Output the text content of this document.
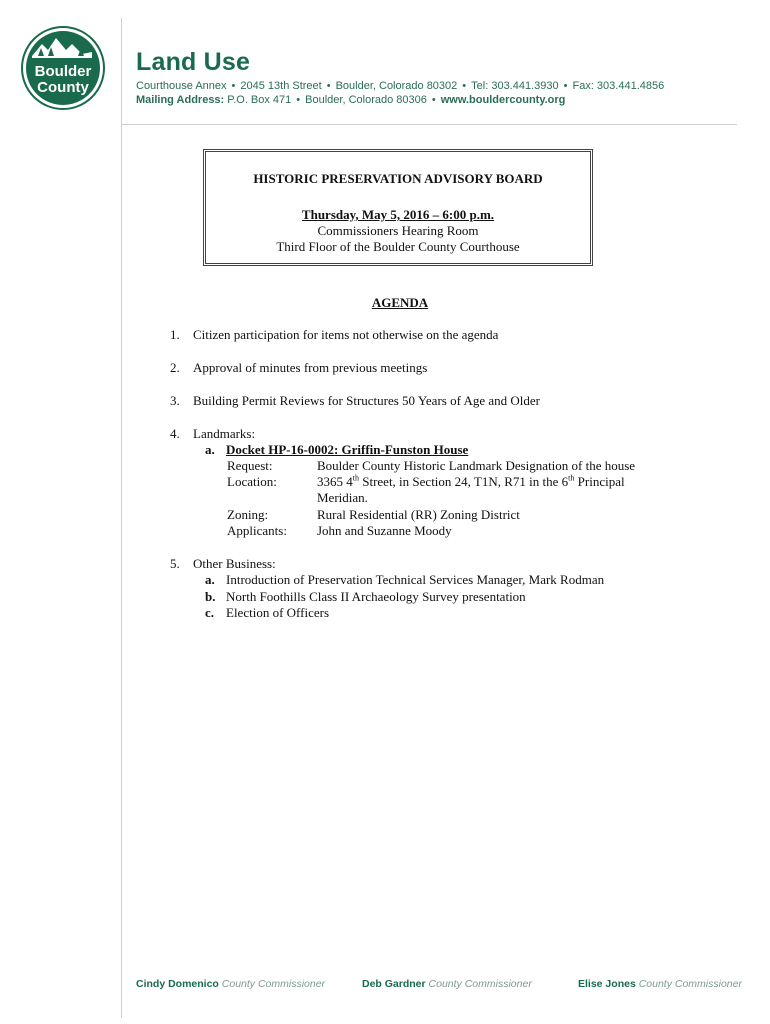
Boulder
County
Land Use
Courthouse Annex • 2045 13th Street • Boulder, Colorado 80302 • Tel: 303.441.3930 • Fax: 303.441.4856
Mailing Address: P.O. Box 471 • Boulder, Colorado 80306 • www.bouldercounty.org
HISTORIC PRESERVATION ADVISORY BOARD
Thursday, May 5, 2016 – 6:00 p.m.
Commissioners Hearing Room
Third Floor of the Boulder County Courthouse
AGENDA
1. Citizen participation for items not otherwise on the agenda
2. Approval of minutes from previous meetings
3. Building Permit Reviews for Structures 50 Years of Age and Older
4. Landmarks:
a. Docket HP-16-0002: Griffin-Funston House
Request:	Boulder County Historic Landmark Designation of the house
Location:	3365 4th Street, in Section 24, T1N, R71 in the 6th Principal
Meridian.
Zoning:	Rural Residential (RR) Zoning District
Applicants: John and Suzanne Moody
5. Other Business:
a. Introduction of Preservation Technical Services Manager, Mark Rodman
b. North Foothills Class II Archaeology Survey presentation
c. Election of Officers
Cindy Domenico County Commissioner	Deb Gardner County Commissioner	Elise Jones County Commissioner
